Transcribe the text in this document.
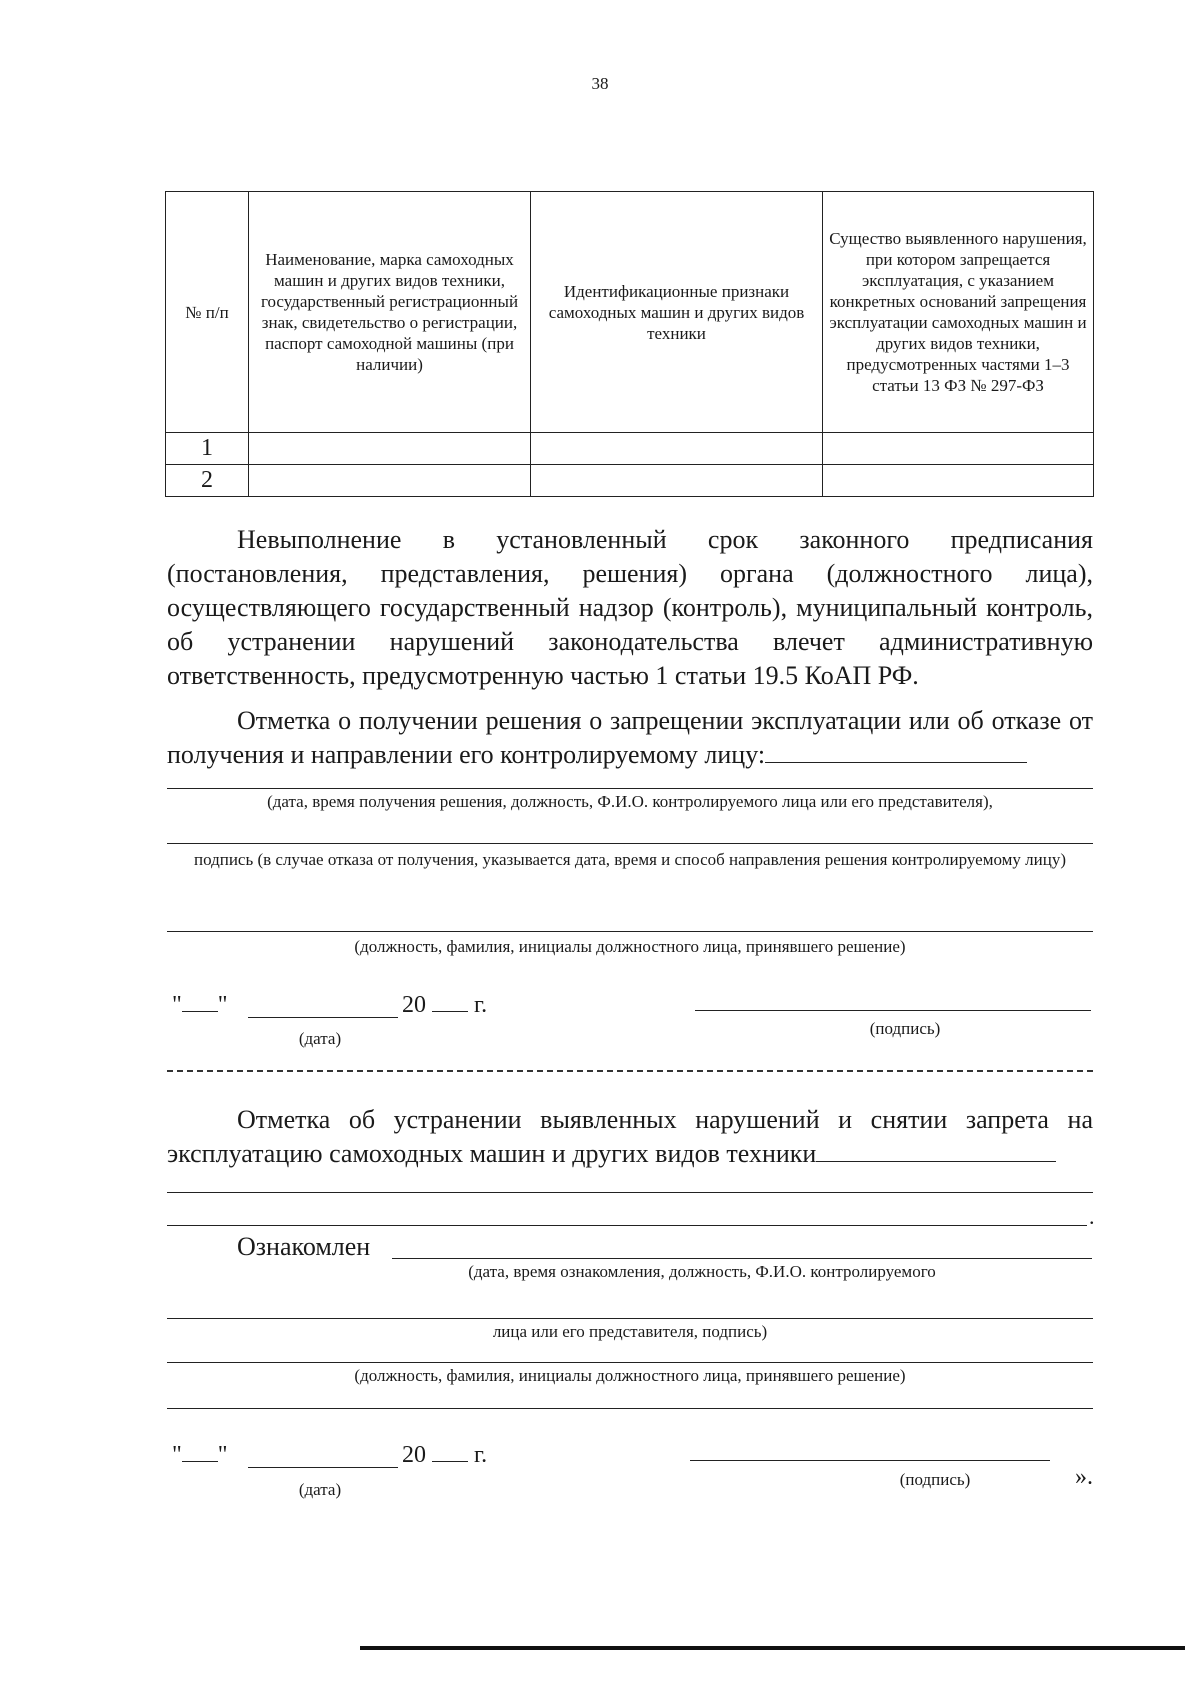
38
№ п/п	Наименование, марка самоходных машин и других видов техники, государственный регистрационный знак, свидетельство о регистрации, паспорт самоходной машины (при наличии)	Идентификационные признаки самоходных машин и других видов техники	Существо выявленного нарушения, при котором запрещается эксплуатация, с указанием конкретных оснований запрещения эксплуатации самоходных машин и других видов техники, предусмотренных частями 1–3 статьи 13 ФЗ № 297-ФЗ
1			
2			
Невыполнение в установленный срок законного предписания (постановления, представления, решения) органа (должностного лица), осуществляющего государственный надзор (контроль), муниципальный контроль, об устранении нарушений законодательства влечет административную ответственность, предусмотренную частью 1 статьи 19.5 КоАП РФ.
Отметка о получении решения о запрещении эксплуатации или об отказе от получения и направлении его контролируемому лицу:
(дата, время получения решения, должность, Ф.И.О. контролируемого лица или его представителя),
подпись (в случае отказа от получения, указывается дата, время и способ направления решения контролируемому лицу)
(должность, фамилия, инициалы должностного лица, принявшего решение)
" "	20 г.
(дата)
(подпись)
Отметка об устранении выявленных нарушений и снятии запрета на эксплуатацию самоходных машин и других видов техники
.
Ознакомлен
(дата, время ознакомления, должность, Ф.И.О. контролируемого
лица или его представителя, подпись)
(должность, фамилия, инициалы должностного лица, принявшего решение)
" "	20 г.
(дата)
(подпись)	».
